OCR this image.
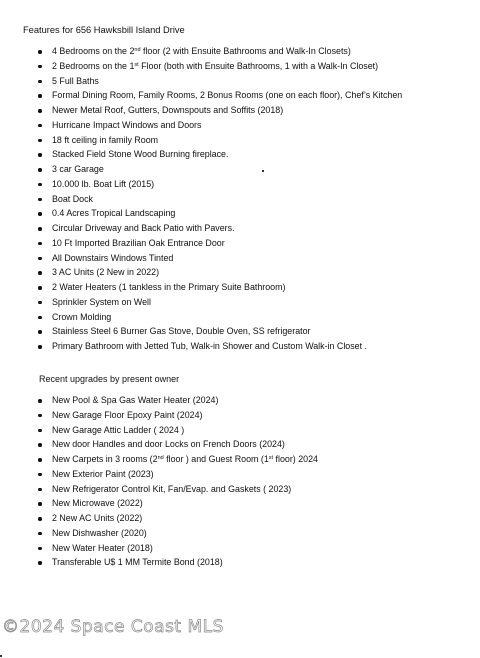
Features for 656 Hawksbill Island Drive
4 Bedrooms on the 2nd floor (2 with Ensuite Bathrooms and Walk-In Closets)
2 Bedrooms on the 1st Floor (both with Ensuite Bathrooms, 1 with a Walk-In Closet)
5 Full Baths
Formal Dining Room, Family Rooms, 2 Bonus Rooms (one on each floor), Chef’s Kitchen
Newer Metal Roof, Gutters, Downspouts and Soffits (2018)
Hurricane Impact Windows and Doors
18 ft ceiling in family Room
Stacked Field Stone Wood Burning fireplace.
3 car Garage
10.000 lb. Boat Lift (2015)
Boat Dock
0.4 Acres Tropical Landscaping
Circular Driveway and Back Patio with Pavers.
10 Ft Imported Brazilian Oak Entrance Door
All Downstairs Windows Tinted
3 AC Units (2 New in 2022)
2 Water Heaters (1 tankless in the Primary Suite Bathroom)
Sprinkler System on Well
Crown Molding
Stainless Steel 6 Burner Gas Stove, Double Oven, SS refrigerator
Primary Bathroom with Jetted Tub, Walk-in Shower and Custom Walk-in Closet .
Recent upgrades by present owner
New Pool & Spa Gas Water Heater (2024)
New Garage Floor Epoxy Paint (2024)
New Garage Attic Ladder ( 2024 )
New door Handles and door Locks on French Doors (2024)
New Carpets in 3 rooms (2nd floor ) and Guest Room (1st floor) 2024
New Exterior Paint (2023)
New Refrigerator Control Kit, Fan/Evap. and Gaskets ( 2023)
New Microwave (2022)
2 New AC Units (2022)
New Dishwasher (2020)
New Water Heater (2018)
Transferable U$ 1 MM Termite Bond (2018)
©2024 Space Coast MLS
